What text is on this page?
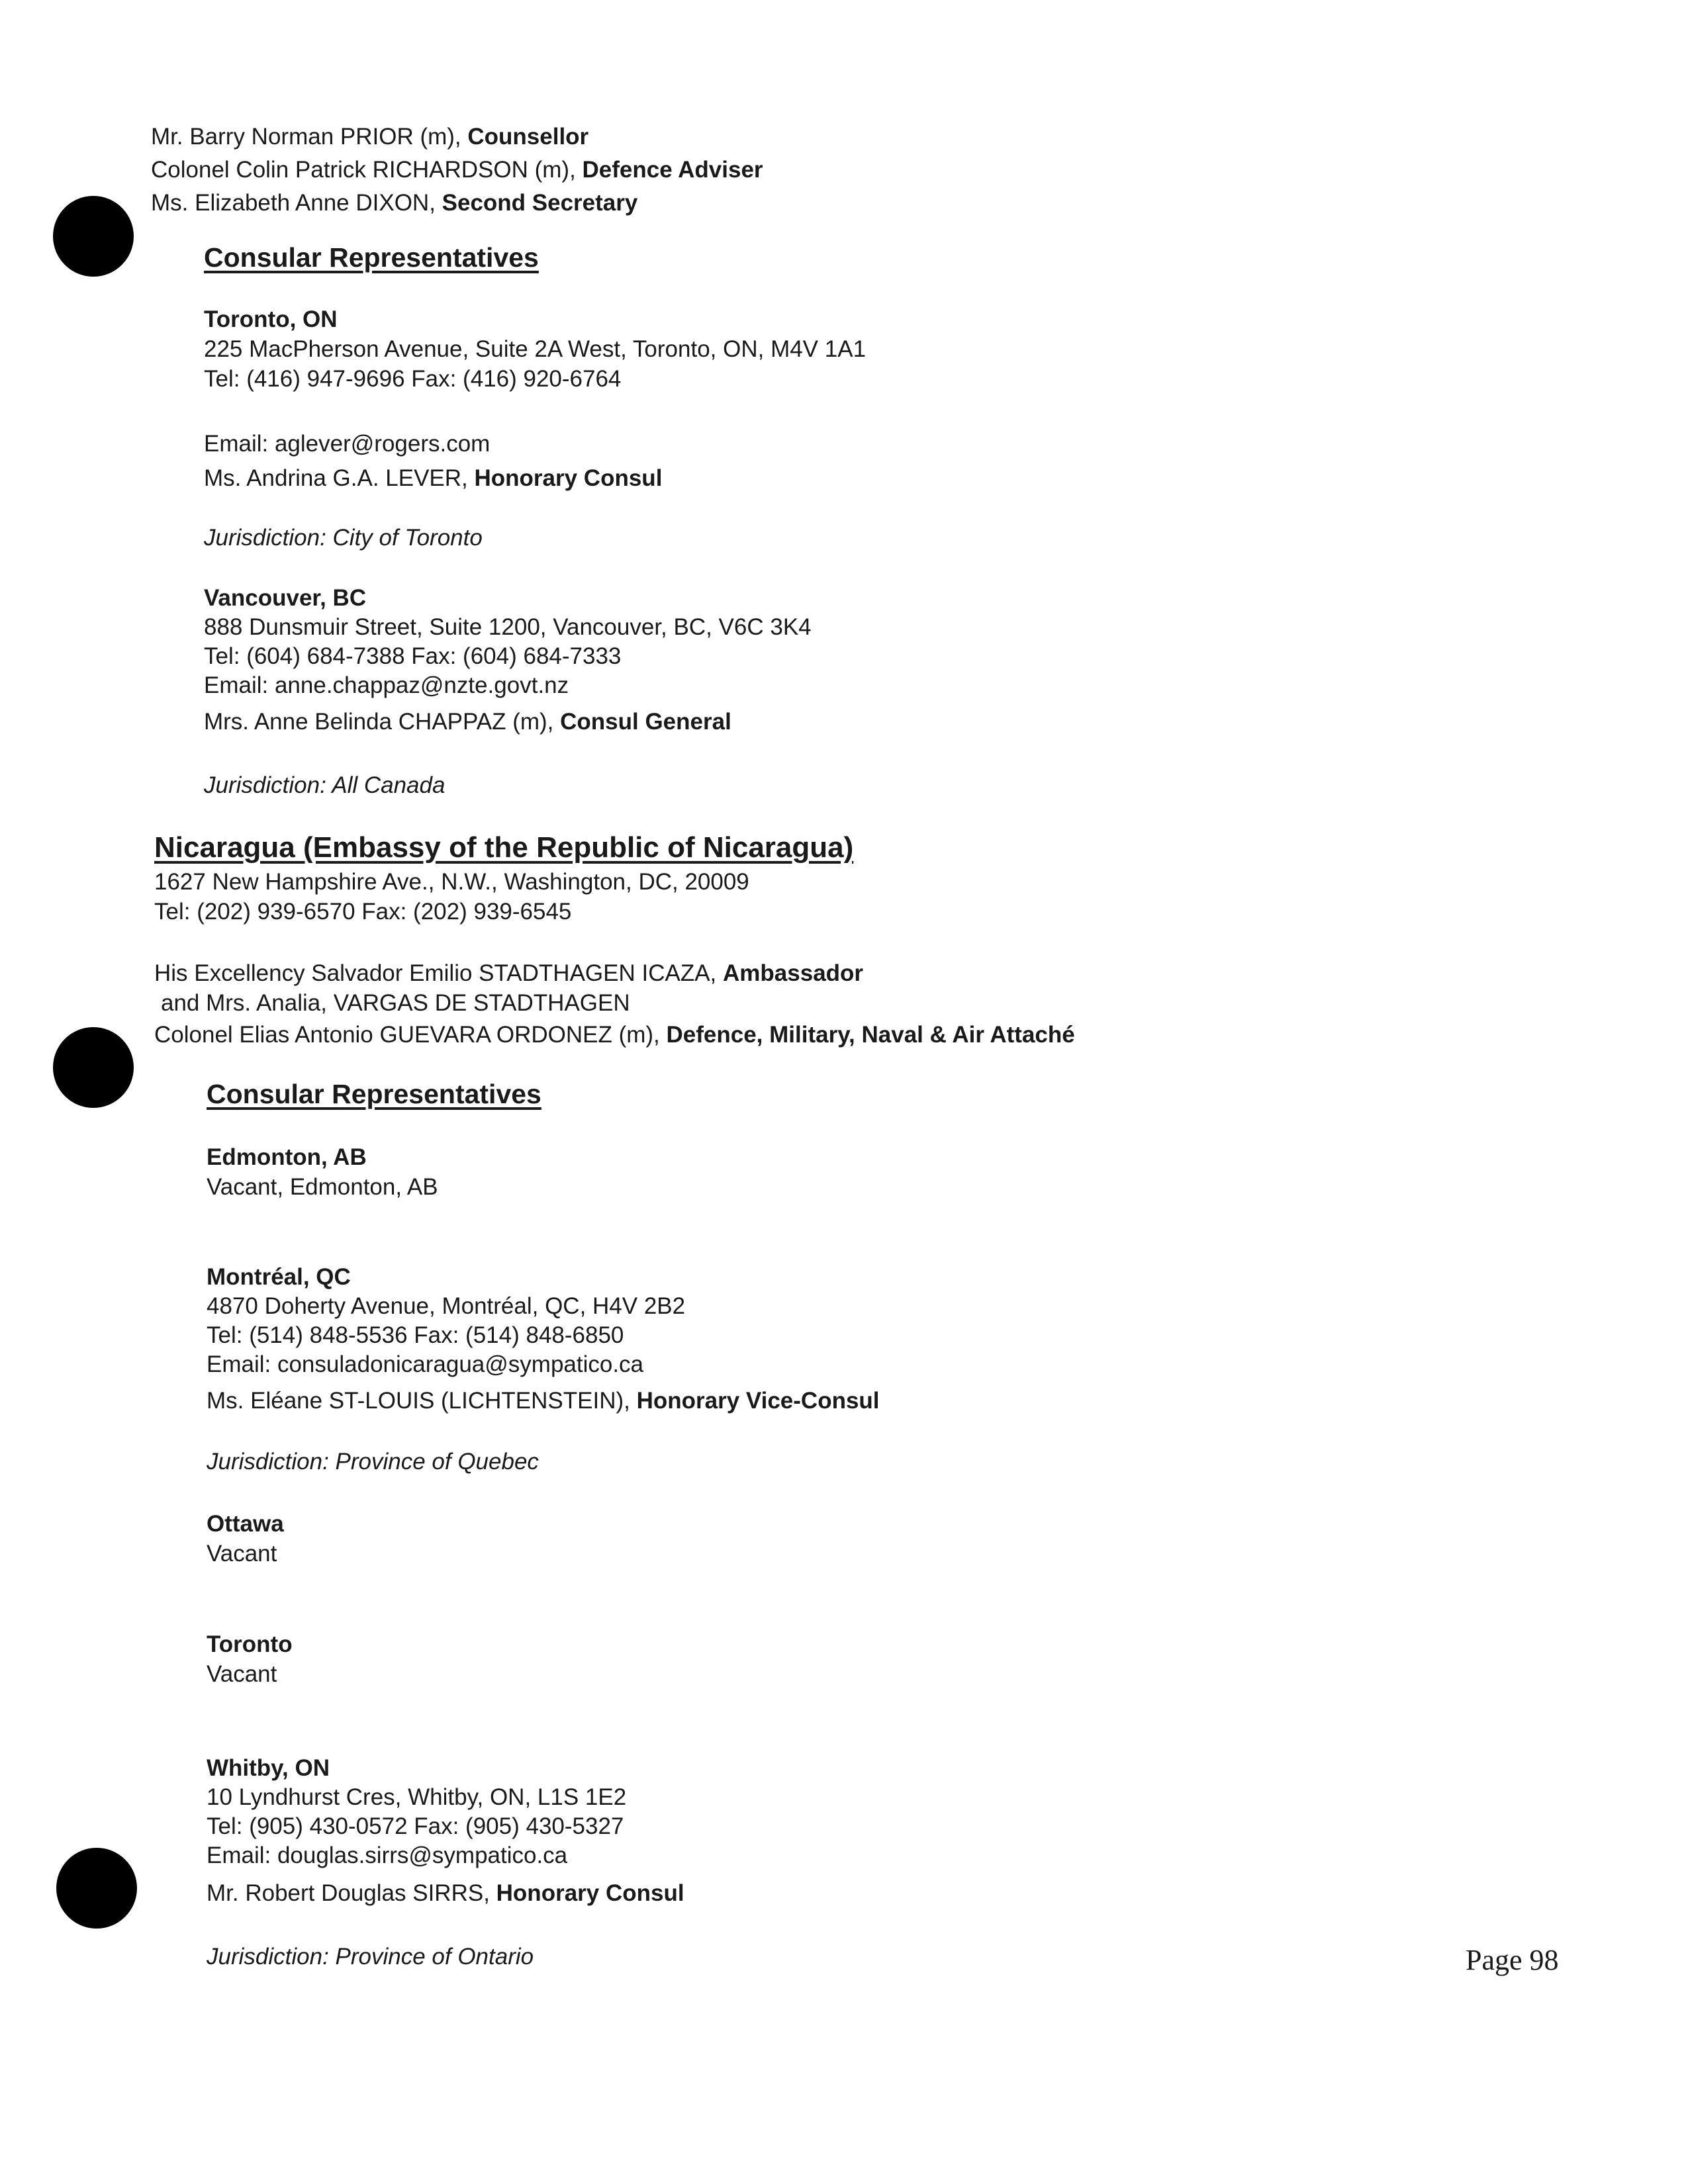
Mr. Barry Norman PRIOR (m), Counsellor
Colonel Colin Patrick RICHARDSON (m), Defence Adviser
Ms. Elizabeth Anne DIXON, Second Secretary
Consular Representatives
Toronto, ON
225 MacPherson Avenue, Suite 2A West, Toronto, ON, M4V 1A1
Tel: (416) 947-9696 Fax: (416) 920-6764
Email: aglever@rogers.com
Ms. Andrina G.A. LEVER, Honorary Consul
Jurisdiction: City of Toronto
Vancouver, BC
888 Dunsmuir Street, Suite 1200, Vancouver, BC, V6C 3K4
Tel: (604) 684-7388 Fax: (604) 684-7333
Email: anne.chappaz@nzte.govt.nz
Mrs. Anne Belinda CHAPPAZ (m), Consul General
Jurisdiction: All Canada
Nicaragua (Embassy of the Republic of Nicaragua)
1627 New Hampshire Ave., N.W., Washington, DC, 20009
Tel: (202) 939-6570 Fax: (202) 939-6545
His Excellency Salvador Emilio STADTHAGEN ICAZA, Ambassador
and Mrs. Analia, VARGAS DE STADTHAGEN
Colonel Elias Antonio GUEVARA ORDONEZ (m), Defence, Military, Naval & Air Attaché
Consular Representatives
Edmonton, AB
Vacant, Edmonton, AB
Montréal, QC
4870 Doherty Avenue, Montréal, QC, H4V 2B2
Tel: (514) 848-5536 Fax: (514) 848-6850
Email: consuladonicaragua@sympatico.ca
Ms. Eléane ST-LOUIS (LICHTENSTEIN), Honorary Vice-Consul
Jurisdiction: Province of Quebec
Ottawa
Vacant
Toronto
Vacant
Whitby, ON
10 Lyndhurst Cres, Whitby, ON, L1S 1E2
Tel: (905) 430-0572 Fax: (905) 430-5327
Email: douglas.sirrs@sympatico.ca
Mr. Robert Douglas SIRRS, Honorary Consul
Jurisdiction: Province of Ontario	Page 98
